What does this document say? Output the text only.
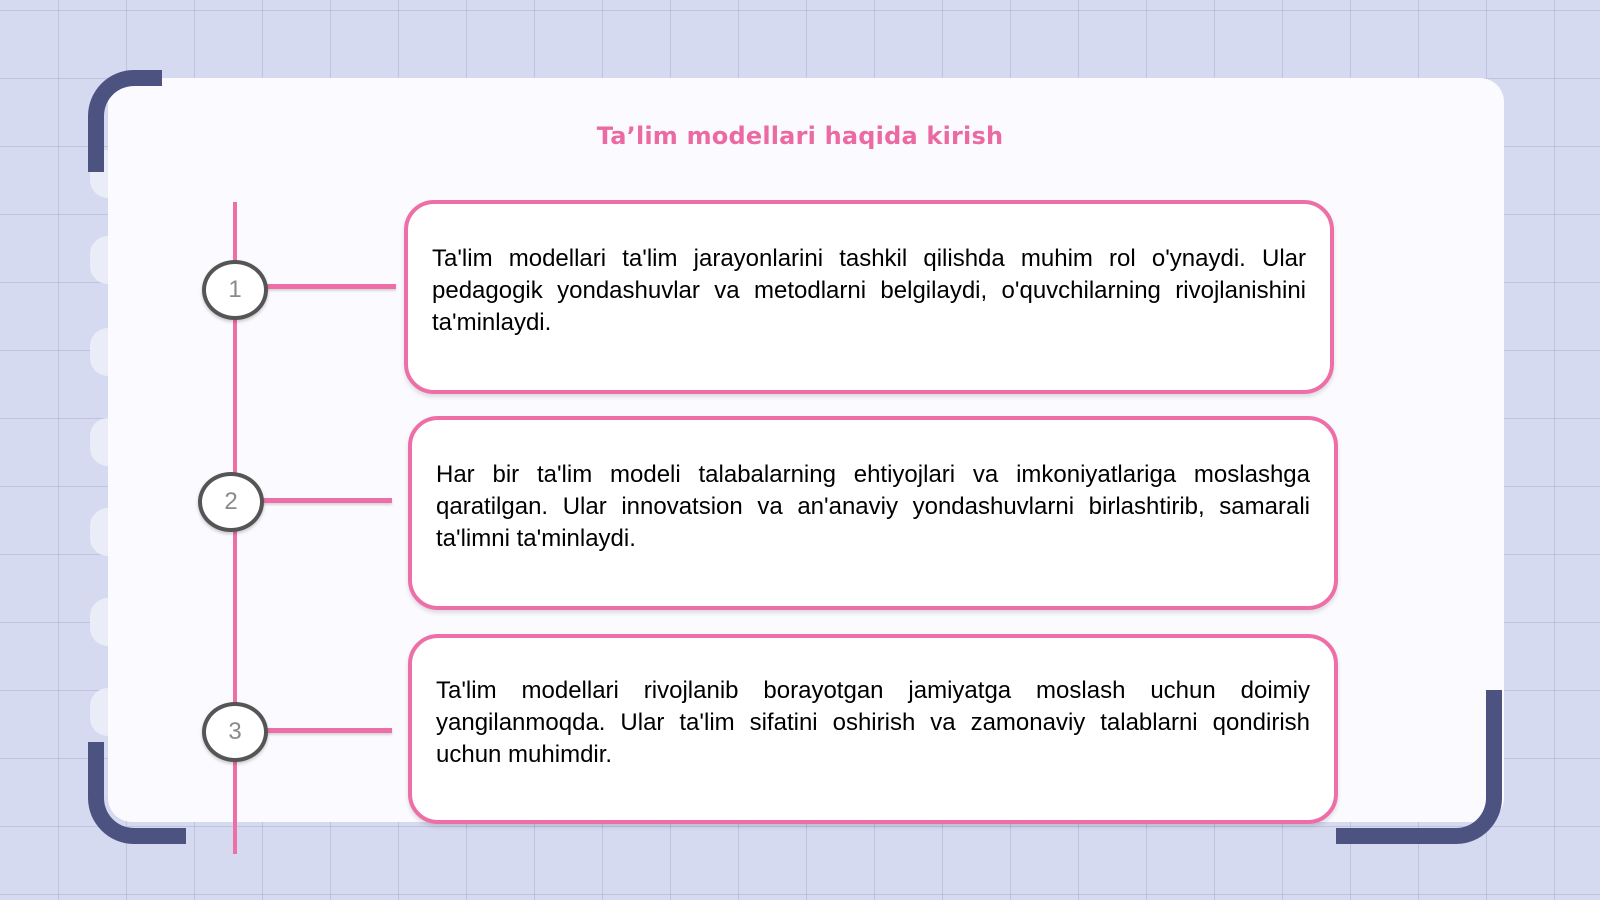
Ta’lim modellari haqida kirish
1

Ta'lim modellari ta'lim jarayonlarini tashkil qilishda muhim rol o'ynaydi. Ular pedagogik yondashuvlar va metodlarni belgilaydi, o'quvchilarning rivojlanishini ta'minlaydi.

2

Har bir ta'lim modeli talabalarning ehtiyojlari va imkoniyatlariga moslashga qaratilgan. Ular innovatsion va an'anaviy yondashuvlarni birlashtirib, samarali ta'limni ta'minlaydi.

3

Ta'lim modellari rivojlanib borayotgan jamiyatga moslash uchun doimiy yangilanmoqda. Ular ta'lim sifatini oshirish va zamonaviy talablarni qondirish uchun muhimdir.
